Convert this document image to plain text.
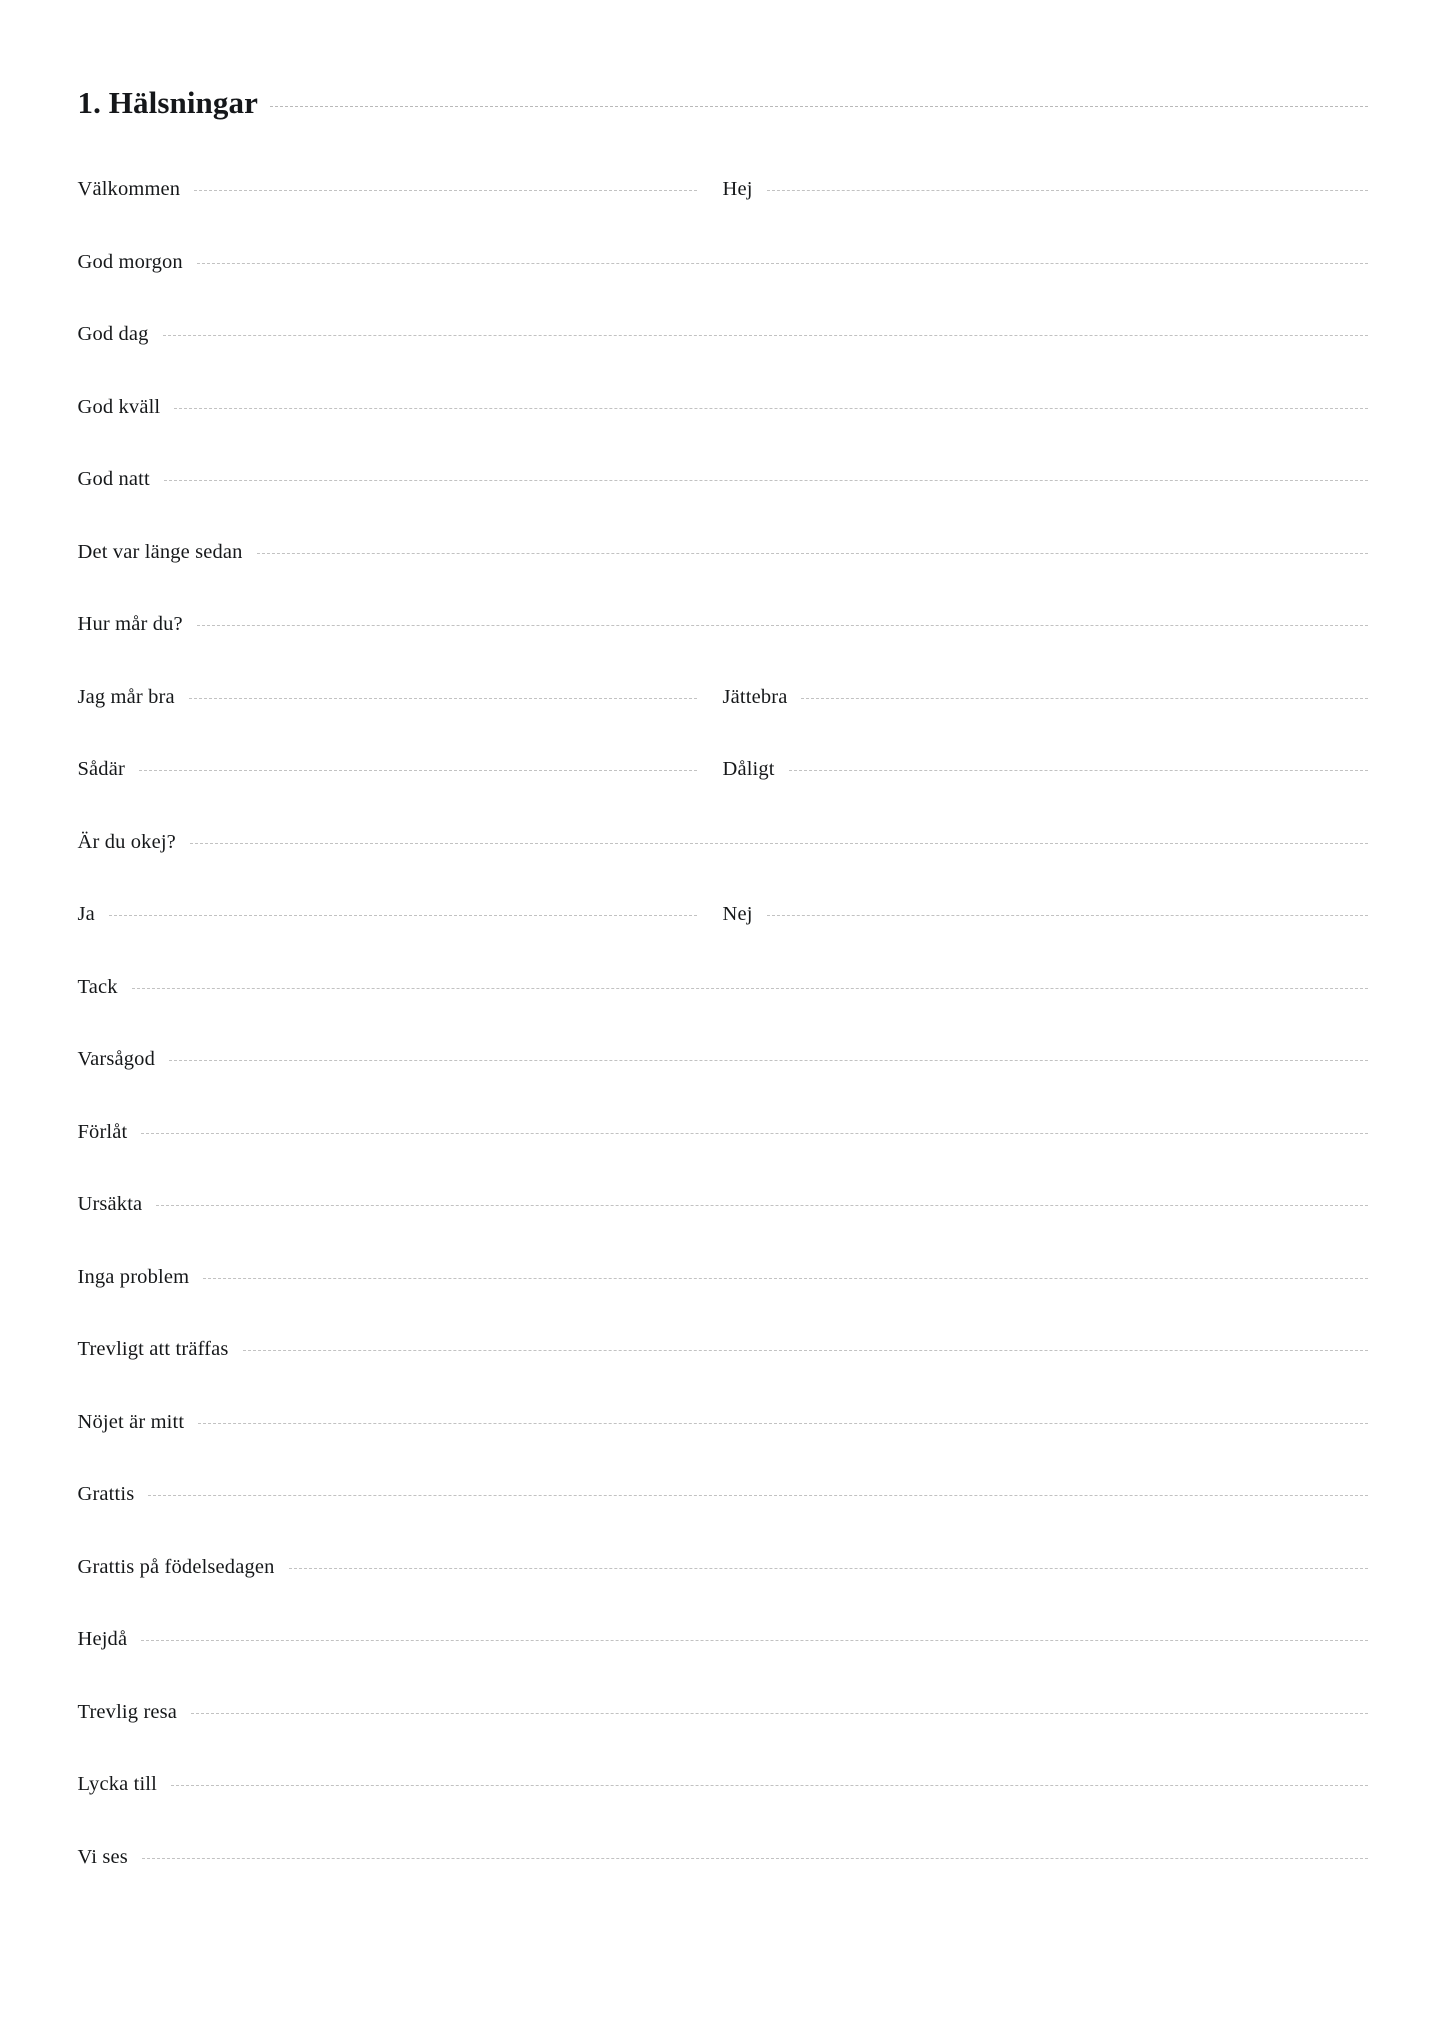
1. Hälsningar
Välkommen	Hej
God morgon
God dag
God kväll
God natt
Det var länge sedan
Hur mår du?
Jag mår bra	Jättebra
Sådär	Dåligt
Är du okej?
Ja	Nej
Tack
Varsågod
Förlåt
Ursäkta
Inga problem
Trevligt att träffas
Nöjet är mitt
Grattis
Grattis på födelsedagen
Hejdå
Trevlig resa
Lycka till
Vi ses
